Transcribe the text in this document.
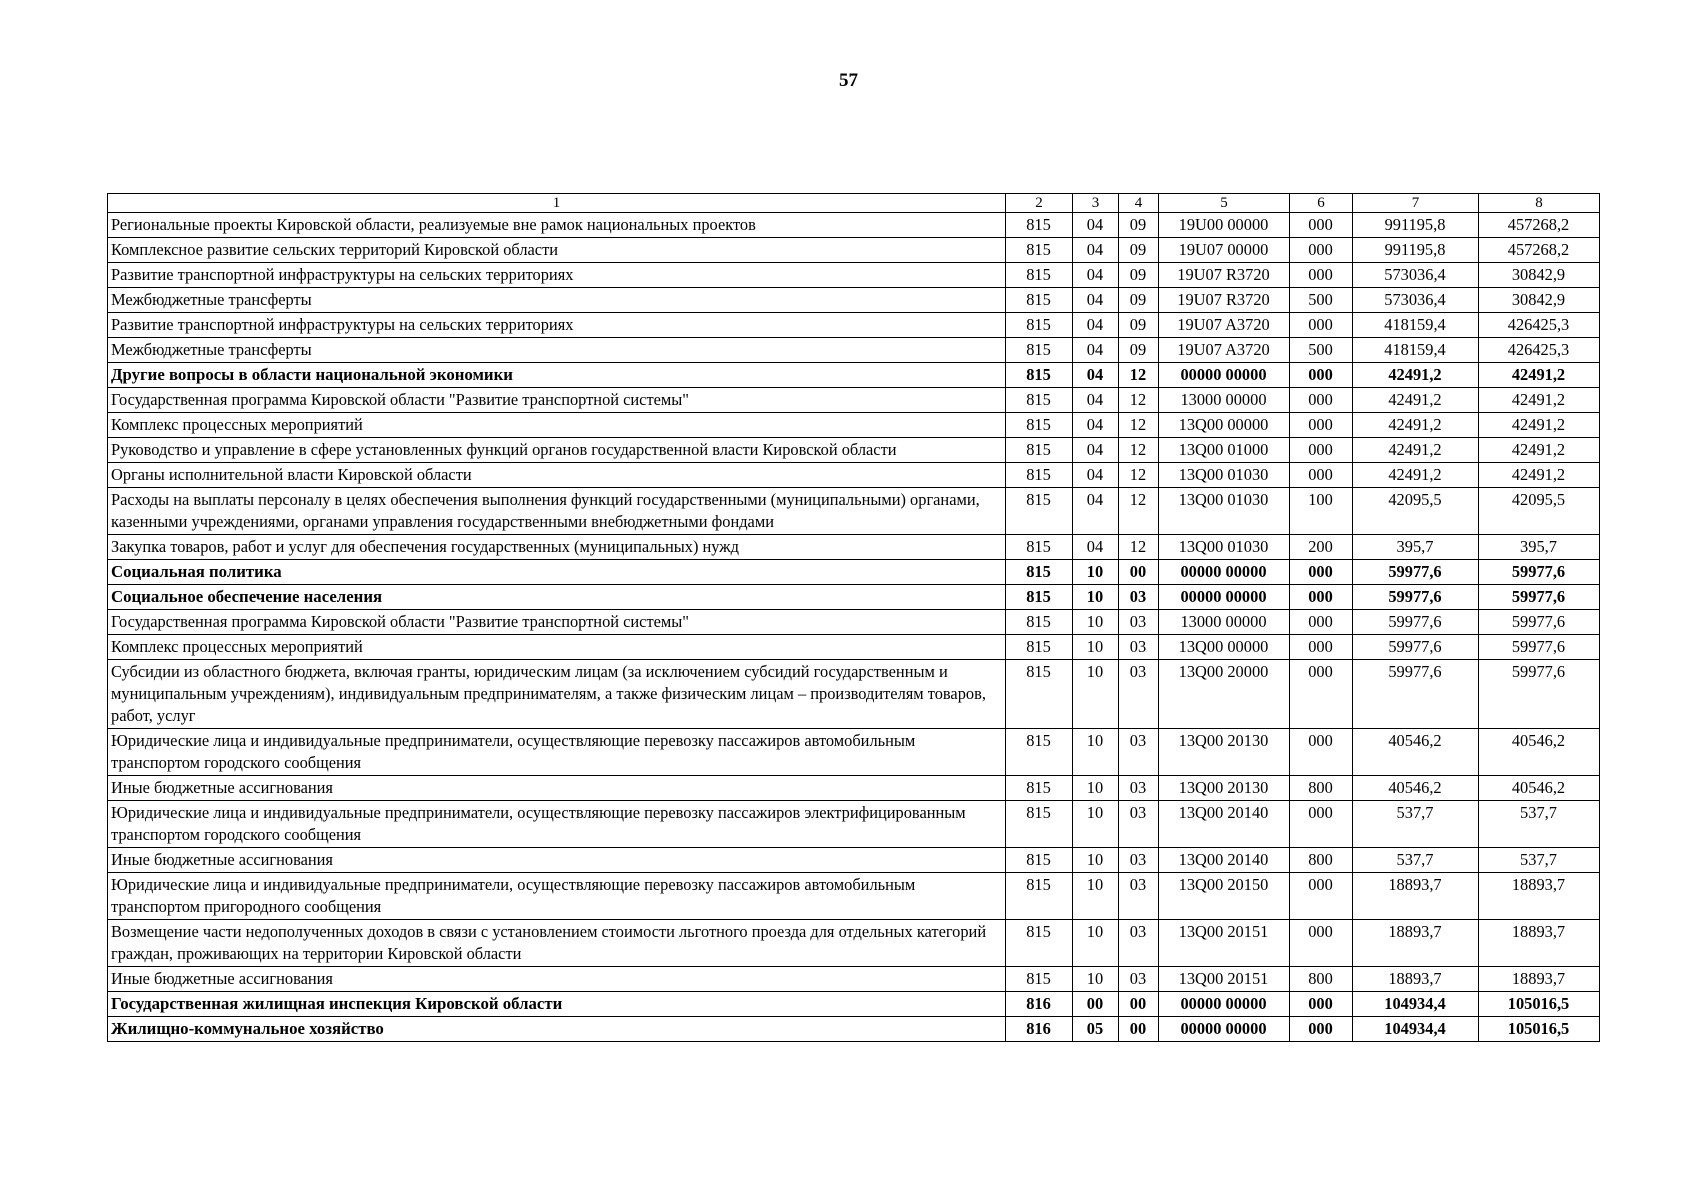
57
1	2	3	4	5	6	7	8
Региональные проекты Кировской области, реализуемые вне рамок национальных проектов	815	04	09	19U00 00000	000	991195,8	457268,2
Комплексное развитие сельских территорий Кировской области	815	04	09	19U07 00000	000	991195,8	457268,2
Развитие транспортной инфраструктуры на сельских территориях	815	04	09	19U07 R3720	000	573036,4	30842,9
Межбюджетные трансферты	815	04	09	19U07 R3720	500	573036,4	30842,9
Развитие транспортной инфраструктуры на сельских территориях	815	04	09	19U07 A3720	000	418159,4	426425,3
Межбюджетные трансферты	815	04	09	19U07 A3720	500	418159,4	426425,3
Другие вопросы в области национальной экономики	815	04	12	00000 00000	000	42491,2	42491,2
Государственная программа Кировской области "Развитие транспортной системы"	815	04	12	13000 00000	000	42491,2	42491,2
Комплекс процессных мероприятий	815	04	12	13Q00 00000	000	42491,2	42491,2
Руководство и управление в сфере установленных функций органов государственной власти Кировской области	815	04	12	13Q00 01000	000	42491,2	42491,2
Органы исполнительной власти Кировской области	815	04	12	13Q00 01030	000	42491,2	42491,2
Расходы на выплаты персоналу в целях обеспечения выполнения функций государственными (муниципальными) органами, казенными учреждениями, органами управления государственными внебюджетными фондами	815	04	12	13Q00 01030	100	42095,5	42095,5
Закупка товаров, работ и услуг для обеспечения государственных (муниципальных) нужд	815	04	12	13Q00 01030	200	395,7	395,7
Социальная политика	815	10	00	00000 00000	000	59977,6	59977,6
Социальное обеспечение населения	815	10	03	00000 00000	000	59977,6	59977,6
Государственная программа Кировской области "Развитие транспортной системы"	815	10	03	13000 00000	000	59977,6	59977,6
Комплекс процессных мероприятий	815	10	03	13Q00 00000	000	59977,6	59977,6
Субсидии из областного бюджета, включая гранты, юридическим лицам (за исключением субсидий государственным и муниципальным учреждениям), индивидуальным предпринимателям, а также физическим лицам – производителям товаров, работ, услуг	815	10	03	13Q00 20000	000	59977,6	59977,6
Юридические лица и индивидуальные предприниматели, осуществляющие перевозку пассажиров автомобильным транспортом городского сообщения	815	10	03	13Q00 20130	000	40546,2	40546,2
Иные бюджетные ассигнования	815	10	03	13Q00 20130	800	40546,2	40546,2
Юридические лица и индивидуальные предприниматели, осуществляющие перевозку пассажиров электрифицированным транспортом городского сообщения	815	10	03	13Q00 20140	000	537,7	537,7
Иные бюджетные ассигнования	815	10	03	13Q00 20140	800	537,7	537,7
Юридические лица и индивидуальные предприниматели, осуществляющие перевозку пассажиров автомобильным транспортом пригородного сообщения	815	10	03	13Q00 20150	000	18893,7	18893,7
Возмещение части недополученных доходов в связи с установлением стоимости льготного проезда для отдельных категорий граждан, проживающих на территории Кировской области	815	10	03	13Q00 20151	000	18893,7	18893,7
Иные бюджетные ассигнования	815	10	03	13Q00 20151	800	18893,7	18893,7
Государственная жилищная инспекция Кировской области	816	00	00	00000 00000	000	104934,4	105016,5
Жилищно-коммунальное хозяйство	816	05	00	00000 00000	000	104934,4	105016,5
